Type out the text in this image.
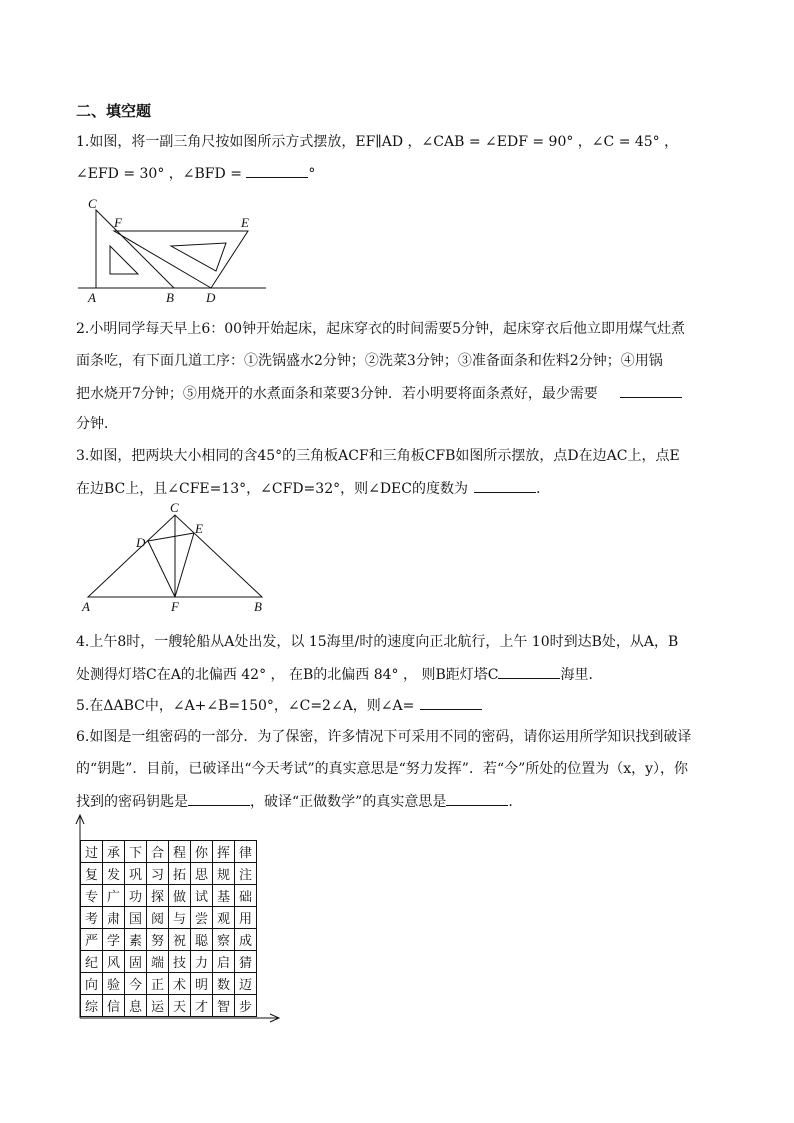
二、填空题
1.如图，将一副三角尺按如图所示方式摆放，EF∥AD ，∠CAB = ∠EDF = 90° ，∠C = 45° ，
∠EFD = 30° ，∠BFD =	°
C
F	E
A	B D
2.小明同学每天早上6：00钟开始起床，起床穿衣的时间需要5分钟，起床穿衣后他立即用煤气灶煮
面条吃，有下面几道工序：①洗锅盛水2分钟；②洗菜3分钟；③准备面条和佐料2分钟；④用锅
把水烧开7分钟；⑤用烧开的水煮面条和菜要3分钟．若小明要将面条煮好，最少需要
分钟．
3.如图，把两块大小相同的含45°的三角板ACF和三角板CFB如图所示摆放，点D在边AC上，点E
在边BC上，且∠CFE=13°，∠CFD=32°，则∠DEC的度数为	.
C
D
E
A	F	B
4.上午8时，一艘轮船从A处出发，以 15海里/时的速度向正北航行，上午 10时到达B处，从A，B
处测得灯塔C在A的北偏西 42° ， 在B的北偏西 84° ， 则B距灯塔C	海里．
5.在ΔABC中，∠A+∠B=150°，∠C=2∠A，则∠A=
6.如图是一组密码的一部分．为了保密，许多情况下可采用不同的密码，请你运用所学知识找到破译
的“钥匙”．目前，已破译出“今天考试”的真实意思是“努力发挥”．若“今”所处的位置为（x，y），你
找到的密码钥匙是	，破译“正做数学”的真实意思是	.
过	承	下	合	程	你	挥	律
复	发	巩	习	拓	思	规	注
专	广	功	探	做	试	基	础
考	肃	国	阅	与	尝	观	用
严	学	素	努	祝	聪	察	成
纪	风	固	端	技	力	启	猜
向	验	今	正	术	明	数	迈
综	信	息	运	天	才	智	步
